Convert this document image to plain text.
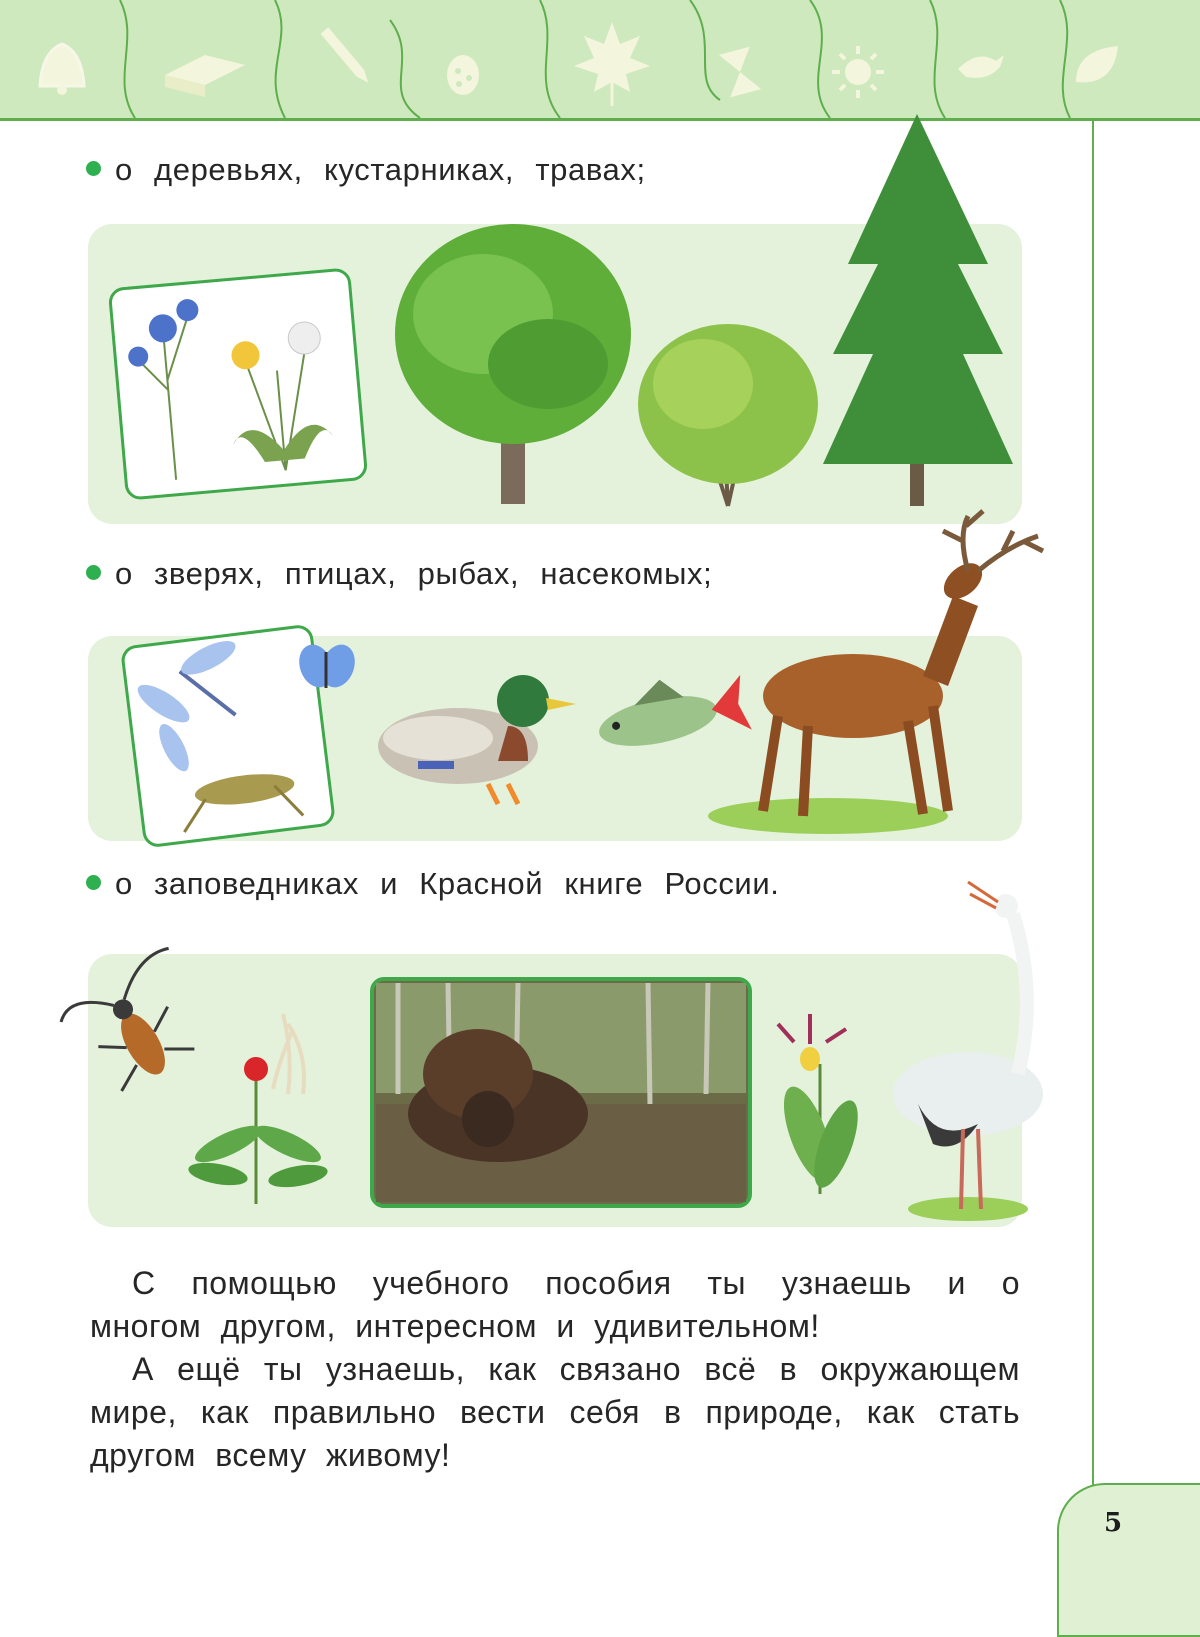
о деревьях, кустарниках, травах;
о зверях, птицах, рыбах, насекомых;
о заповедниках и Красной книге России.

С помощью учебного пособия ты узнаешь и о многом другом, интересном и удивительном!

А ещё ты узнаешь, как связано всё в окружающем мире, как правильно вести себя в природе, как стать другом всему живому!

5
